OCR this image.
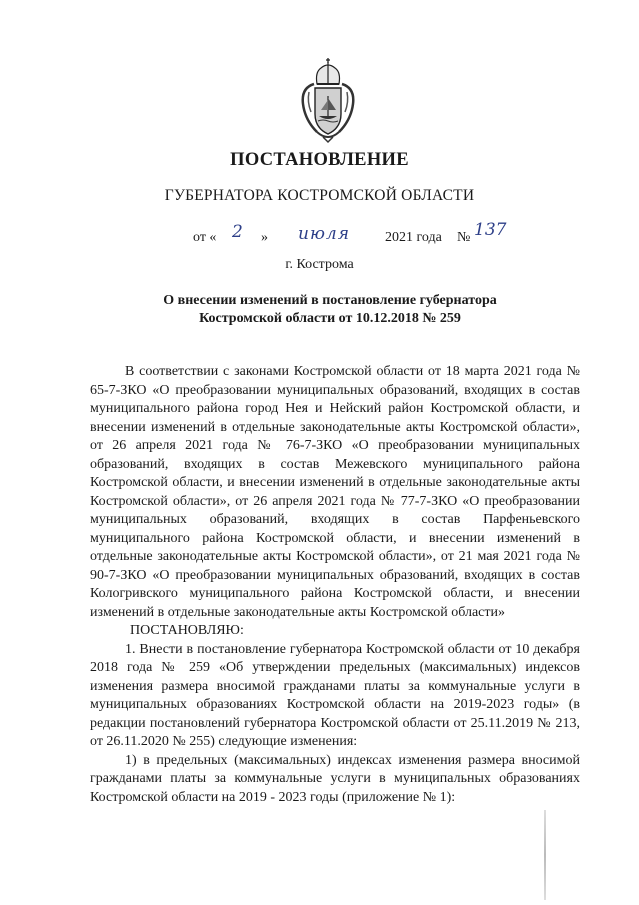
ПОСТАНОВЛЕНИЕ
ГУБЕРНАТОРА КОСТРОМСКОЙ ОБЛАСТИ
от « 2 » июля	2021 года № 137
г. Кострома
О внесении изменений в постановление губернатора
Костромской области от 10.12.2018 № 259

В соответствии с законами Костромской области от 18 марта 2021 года № 65-7-ЗКО «О преобразовании муниципальных образований, входящих в состав муниципального района город Нея и Нейский район Костромской области, и внесении изменений в отдельные законодательные акты Костромской области», от 26 апреля 2021 года № 76-7-ЗКО «О преобразовании муниципальных образований, входящих в состав Межевского муниципального района Костромской области, и внесении изменений в отдельные законодательные акты Костромской области», от 26 апреля 2021 года № 77-7-ЗКО «О преобразовании муниципальных образований, входящих в состав Парфеньевского муниципального района Костромской области, и внесении изменений в отдельные законодательные акты Костромской области», от 21 мая 2021 года № 90-7-ЗКО «О преобразовании муниципальных образований, входящих в состав Кологривского муниципального района Костромской области, и внесении изменений в отдельные законодательные акты Костромской области»

ПОСТАНОВЛЯЮ:

1. Внести в постановление губернатора Костромской области от 10 декабря 2018 года № 259 «Об утверждении предельных (максимальных) индексов изменения размера вносимой гражданами платы за коммунальные услуги в муниципальных образованиях Костромской области на 2019-2023 годы» (в редакции постановлений губернатора Костромской области от 25.11.2019 № 213, от 26.11.2020 № 255) следующие изменения:

1) в предельных (максимальных) индексах изменения размера вносимой гражданами платы за коммунальные услуги в муниципальных образованиях Костромской области на 2019 - 2023 годы (приложение № 1):
